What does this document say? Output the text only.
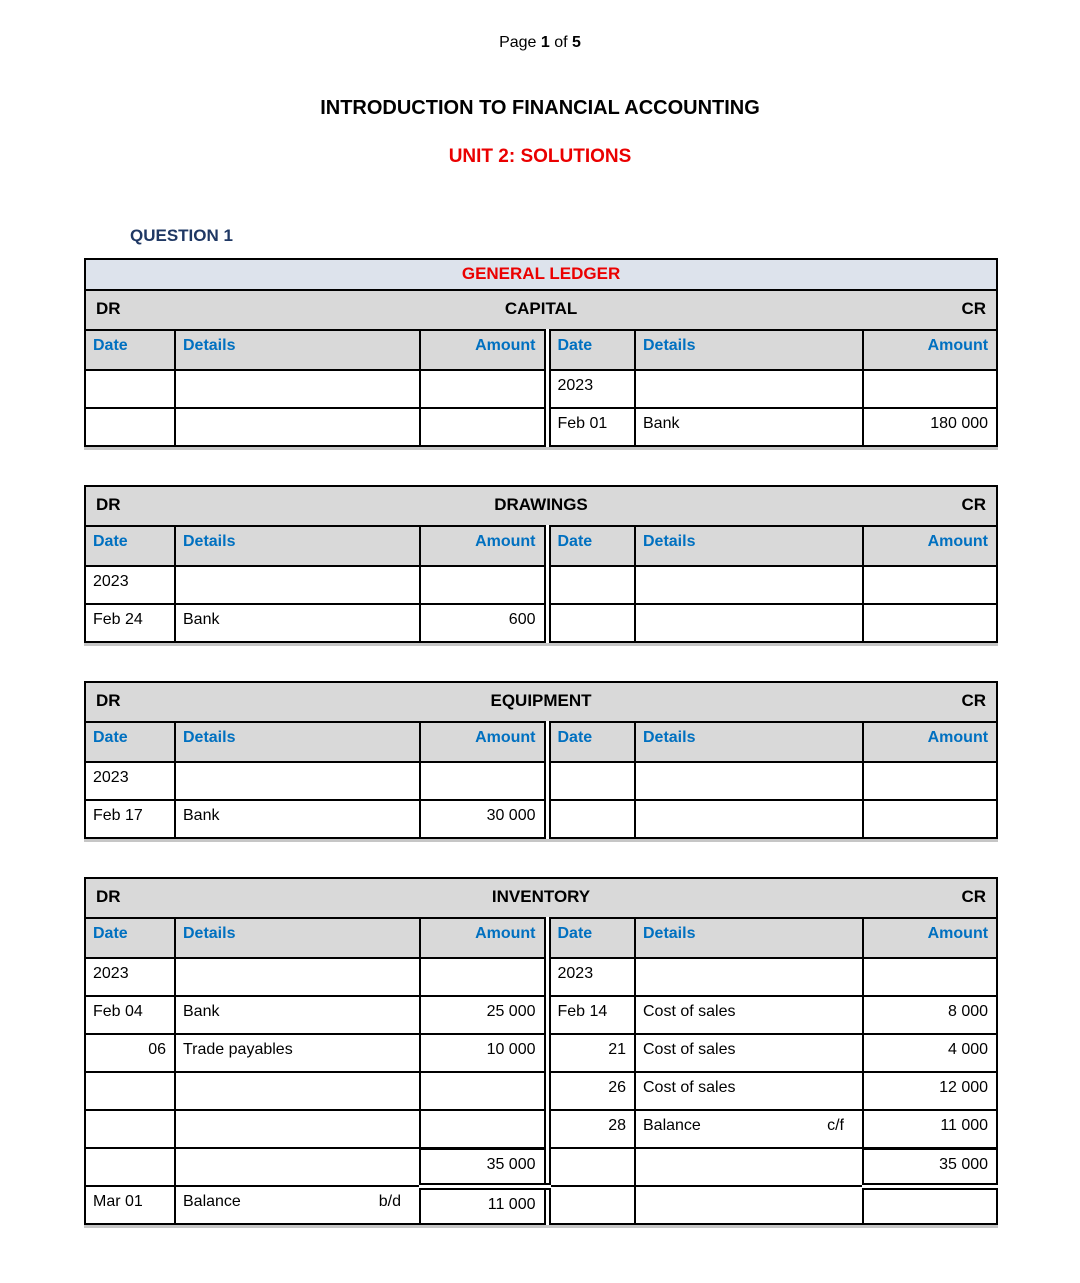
Page 1 of 5
INTRODUCTION TO FINANCIAL ACCOUNTING
UNIT 2: SOLUTIONS
QUESTION 1
GENERAL LEDGER					

DR CAPITAL CR					

Date	Details	Amount	Date	Details	Amount
			2023		
			Feb 01	Bank	180 000
DR DRAWINGS CR					

Date	Details	Amount	Date	Details	Amount
2023					
Feb 24	Bank	600			
DR EQUIPMENT CR					

Date	Details	Amount	Date	Details	Amount
2023					
Feb 17	Bank	30 000			
DR INVENTORY CR					

Date	Details	Amount	Date	Details	Amount
2023			2023		
Feb 04	Bank	25 000	Feb 14	Cost of sales	8 000
06	Trade payables	10 000	21	Cost of sales	4 000
			26	Cost of sales	12 000
			28	Balance c/f	11 000
		35 000			35 000
Mar 01	Balance b/d	11 000			
